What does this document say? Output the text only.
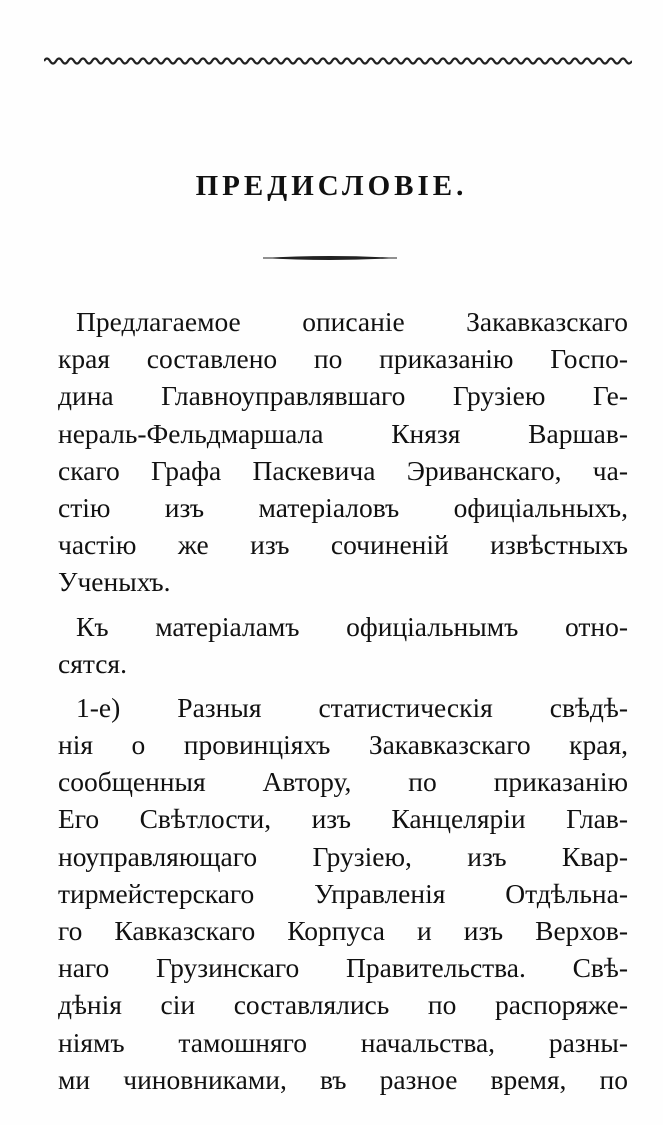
ПРЕДИСЛОВІЕ.
Предлагаемое описаніе Закавказскаго
края составлено по приказанію Госпо-
дина Главноуправлявшаго Грузіею Ге-
нераль-Фельдмаршала Князя Варшав-
скаго Графа Паскевича Эриванскаго, ча-
стію изъ матеріаловъ офиціальныхъ,
частію же изъ сочиненій извѣстныхъ
Ученыхъ.
Къ матеріаламъ офиціальнымъ отно-
сятся.
1-е) Разныя статистическія свѣдѣ-
нія о провинціяхъ Закавказскаго края,
сообщенныя Автору, по приказанію
Его Свѣтлости, изъ Канцеляріи Глав-
ноуправляющаго Грузіею, изъ Квар-
тирмейстерскаго Управленія Отдѣльна-
го Кавказскаго Корпуса и изъ Верхов-
наго Грузинскаго Правительства. Свѣ-
дѣнія сіи составлялись по распоряже-
ніямъ тамошняго начальства, разны-
ми чиновниками, въ разное время, по
